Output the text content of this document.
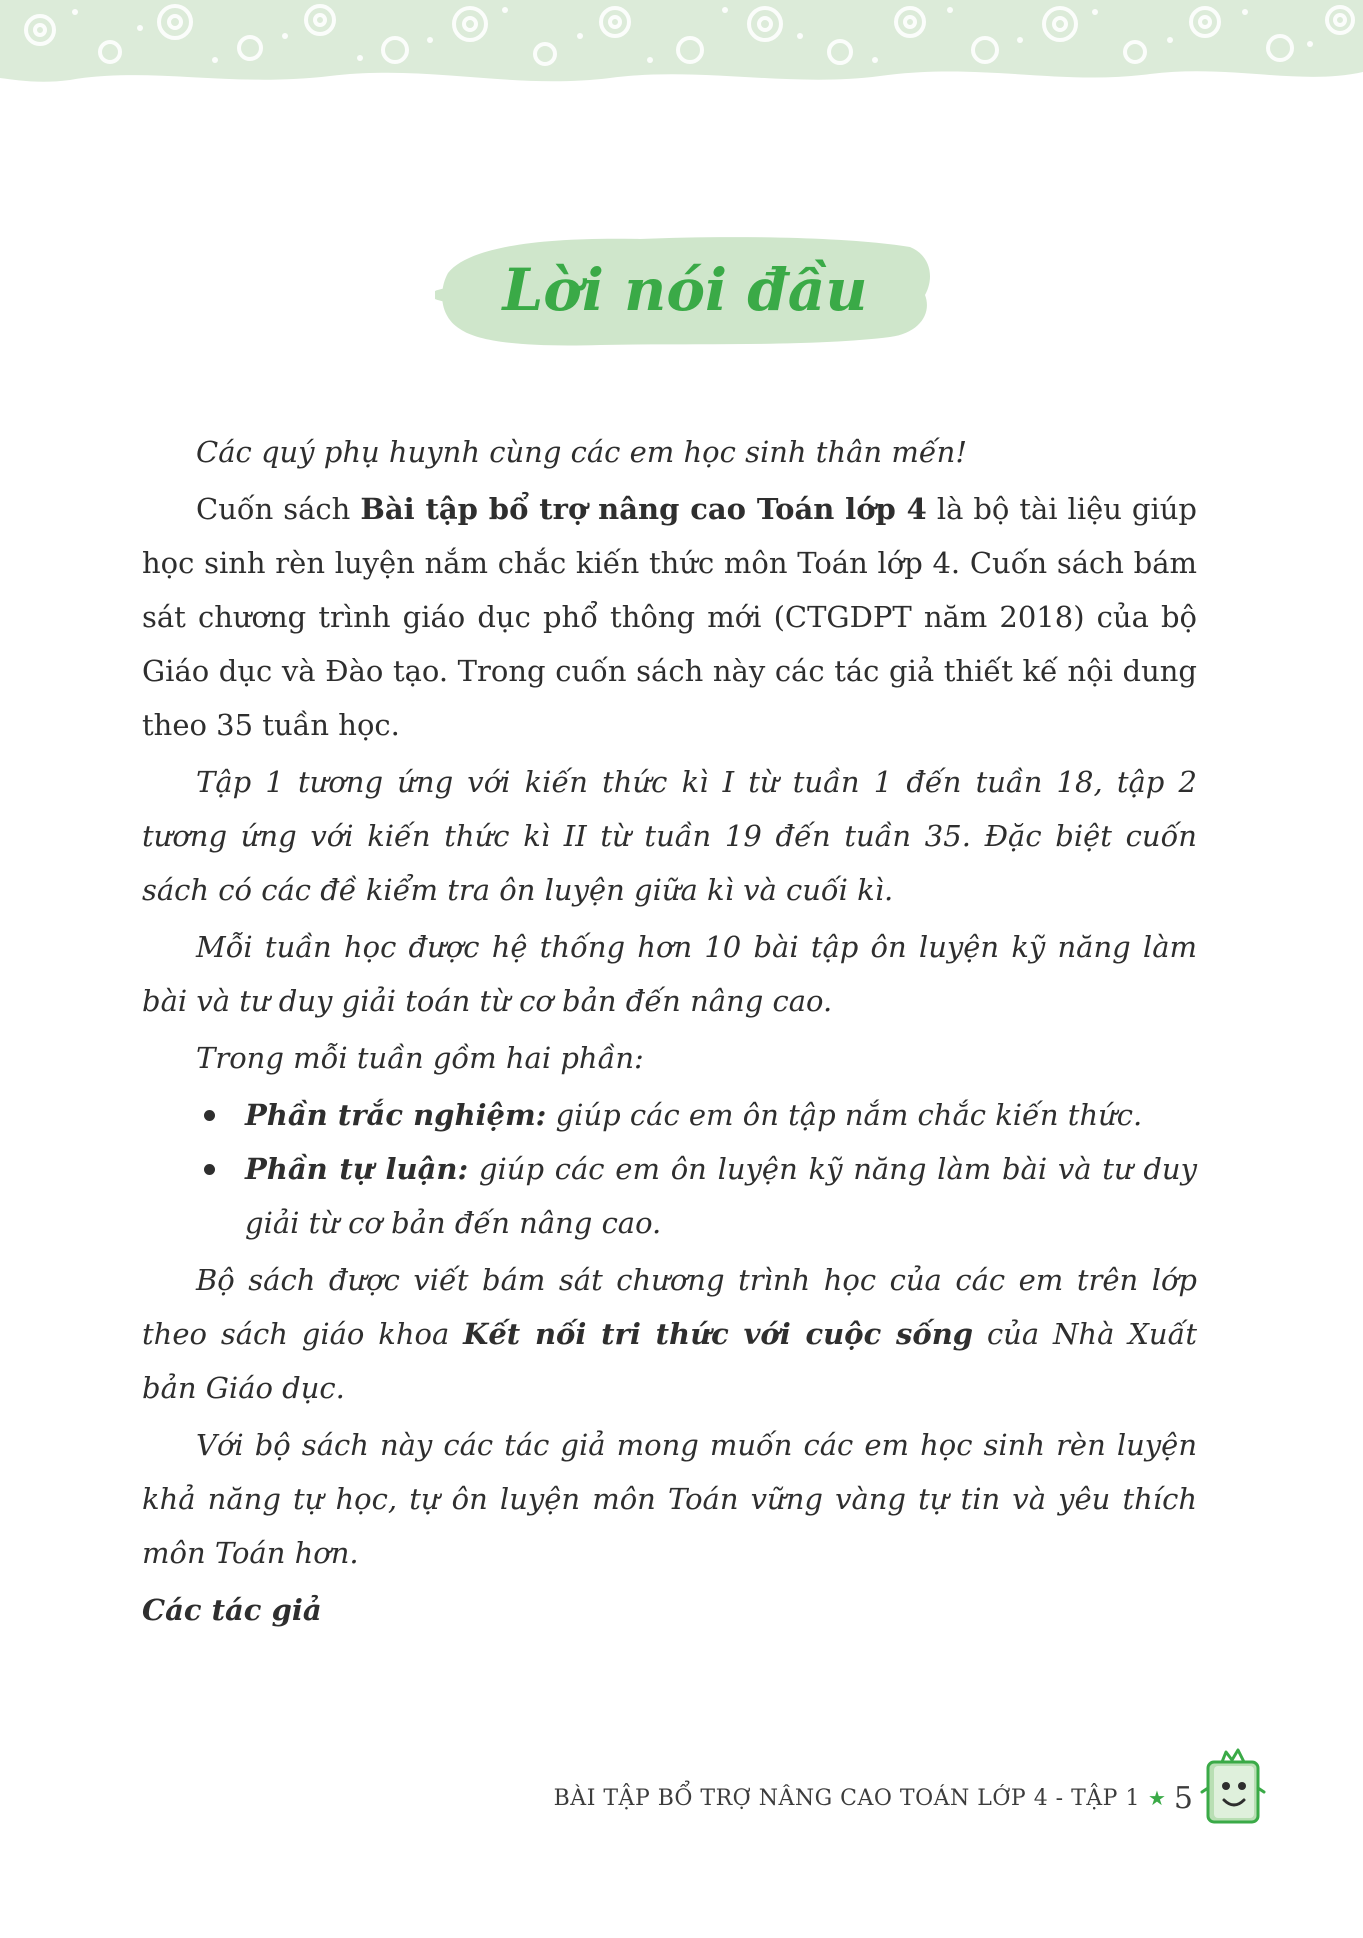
Lời nói đầu

Các quý phụ huynh cùng các em học sinh thân mến!

Cuốn sách Bài tập bổ trợ nâng cao Toán lớp 4 là bộ tài liệu giúp học sinh rèn luyện nắm chắc kiến thức môn Toán lớp 4. Cuốn sách bám sát chương trình giáo dục phổ thông mới (CTGDPT năm 2018) của bộ Giáo dục và Đào tạo. Trong cuốn sách này các tác giả thiết kế nội dung theo 35 tuần học.

Tập 1 tương ứng với kiến thức kì I từ tuần 1 đến tuần 18, tập 2 tương ứng với kiến thức kì II từ tuần 19 đến tuần 35. Đặc biệt cuốn sách có các đề kiểm tra ôn luyện giữa kì và cuối kì.

Mỗi tuần học được hệ thống hơn 10 bài tập ôn luyện kỹ năng làm bài và tư duy giải toán từ cơ bản đến nâng cao.

Trong mỗi tuần gồm hai phần:

Phần trắc nghiệm: giúp các em ôn tập nắm chắc kiến thức.
Phần tự luận: giúp các em ôn luyện kỹ năng làm bài và tư duy giải từ cơ bản đến nâng cao.

Bộ sách được viết bám sát chương trình học của các em trên lớp theo sách giáo khoa Kết nối tri thức với cuộc sống của Nhà Xuất bản Giáo dục.

Với bộ sách này các tác giả mong muốn các em học sinh rèn luyện khả năng tự học, tự ôn luyện môn Toán vững vàng tự tin và yêu thích môn Toán hơn.

Các tác giả

BÀI TẬP BỔ TRỢ NÂNG CAO TOÁN LỚP 4 - TẬP 1 ★ 5
